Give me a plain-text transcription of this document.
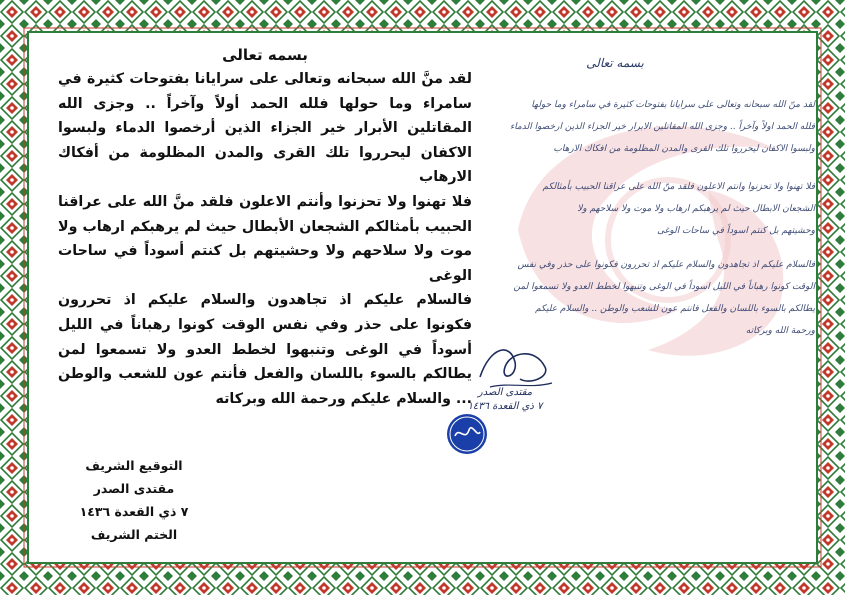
بسمه تعالى

لقد منَّ الله سبحانه وتعالى على سرايانا بفتوحات كثيرة في سامراء وما حولها فلله الحمد أولاً وآخراً .. وجزى الله المقاتلين الأبرار خير الجزاء الذين أرخصوا الدماء ولبسوا الاكفان ليحرروا تلك القرى والمدن المظلومة من أفكاك الارهاب

فلا تهنوا ولا تحزنوا وأنتم الاعلون فلقد منَّ الله على عراقنا الحبيب بأمثالكم الشجعان الأبطال حيث لم يرهبكم ارهاب ولا موت ولا سلاحهم ولا وحشيتهم بل كنتم أسوداً في ساحات الوغى

فالسلام عليكم اذ تجاهدون والسلام عليكم اذ تحررون فكونوا على حذر وفي نفس الوقت كونوا رهباناً في الليل أسوداً في الوغى وتنبهوا لخطط العدو ولا تسمعوا لمن يطالكم بالسوء باللسان والفعل فأنتم عون للشعب والوطن ... والسلام عليكم ورحمة الله وبركاته

التوقيع الشريف
مقتدى الصدر
٧ ذي القعدة ١٤٣٦
الختم الشريف
بسمه تعالى
لقد منّ الله سبحانه وتعالى على سرايانا بفتوحات كثيرة في سامراء وما حولها
فلله الحمد اولاً وآخراً .. وجزى الله المقاتلين الابرار خير الجزاء الذين ارخصوا الدماء
ولبسوا الاكفان ليحرروا تلك القرى والمدن المظلومة من افكاك الارهاب
فلا تهنوا ولا تحزنوا وانتم الاعلون فلقد منّ الله على عراقنا الحبيب بأمثالكم
الشجعان الابطال حيث لم يرهبكم ارهاب ولا موت ولا سلاحهم ولا
وحشيتهم بل كنتم اسوداً في ساحات الوغى
فالسلام عليكم اذ تجاهدون والسلام عليكم اذ تحررون فكونوا على حذر وفي نفس
الوقت كونوا رهباناً في الليل اسوداً في الوغى وتنبهوا لخطط العدو ولا تسمعوا لمن
يطالكم بالسوء باللسان والفعل فانتم عون للشعب والوطن .. والسلام عليكم
ورحمة الله وبركاته
مقتدى الصدر
٧ ذي القعدة ١٤٣٦
